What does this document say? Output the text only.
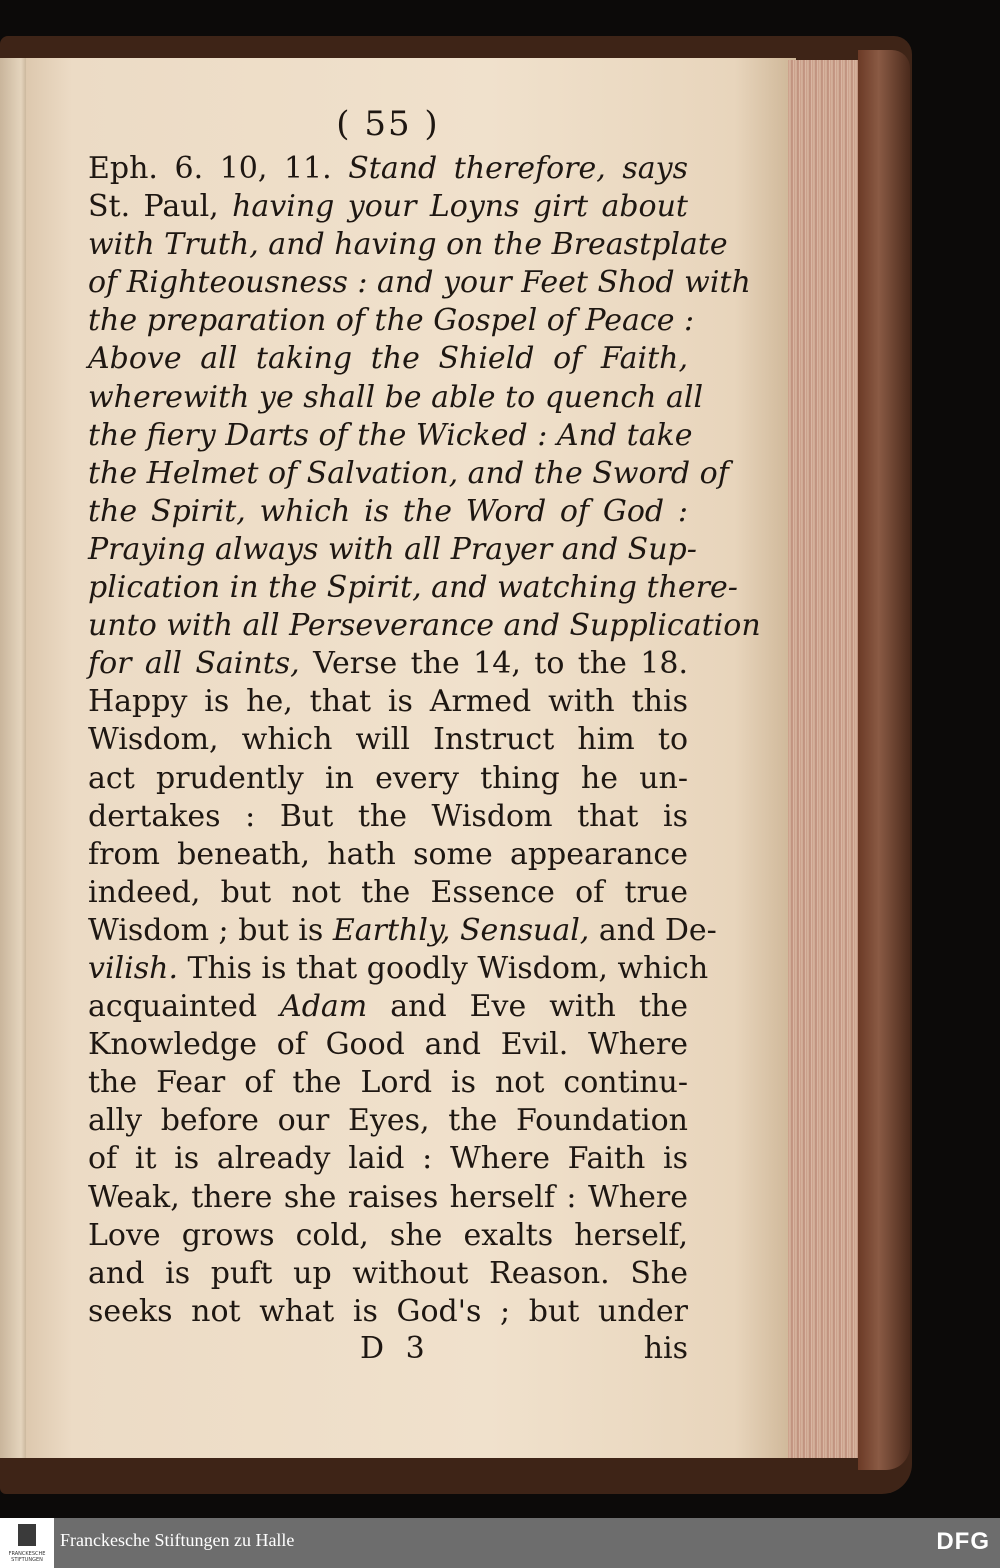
( 55 )
Eph. 6. 10, 11. Stand therefore, says
St. Paul, having your Loyns girt about
with Truth, and having on the Breastplate
of Righteousness : and your Feet Shod with
the preparation of the Gospel of Peace :
Above all taking the Shield of Faith,
wherewith ye shall be able to quench all
the fiery Darts of the Wicked : And take
the Helmet of Salvation, and the Sword of
the Spirit, which is the Word of God :
Praying always with all Prayer and Sup-
plication in the Spirit, and watching there-
unto with all Perseverance and Supplication
for all Saints, Verse the 14, to the 18.
Happy is he, that is Armed with this
Wisdom, which will Instruct him to
act prudently in every thing he un-
dertakes : But the Wisdom that is
from beneath, hath some appearance
indeed, but not the Essence of true
Wisdom ; but is Earthly, Sensual, and De-
vilish. This is that goodly Wisdom, which
acquainted Adam and Eve with the
Knowledge of Good and Evil. Where
the Fear of the Lord is not continu-
ally before our Eyes, the Foundation
of it is already laid : Where Faith is
Weak, there she raises herself : Where
Love grows cold, she exalts herself,
and is puft up without Reason. She
seeks not what is God's ; but under
D 3	his
FRANCKESCHE STIFTUNGEN
Franckesche Stiftungen zu Halle	DFG
